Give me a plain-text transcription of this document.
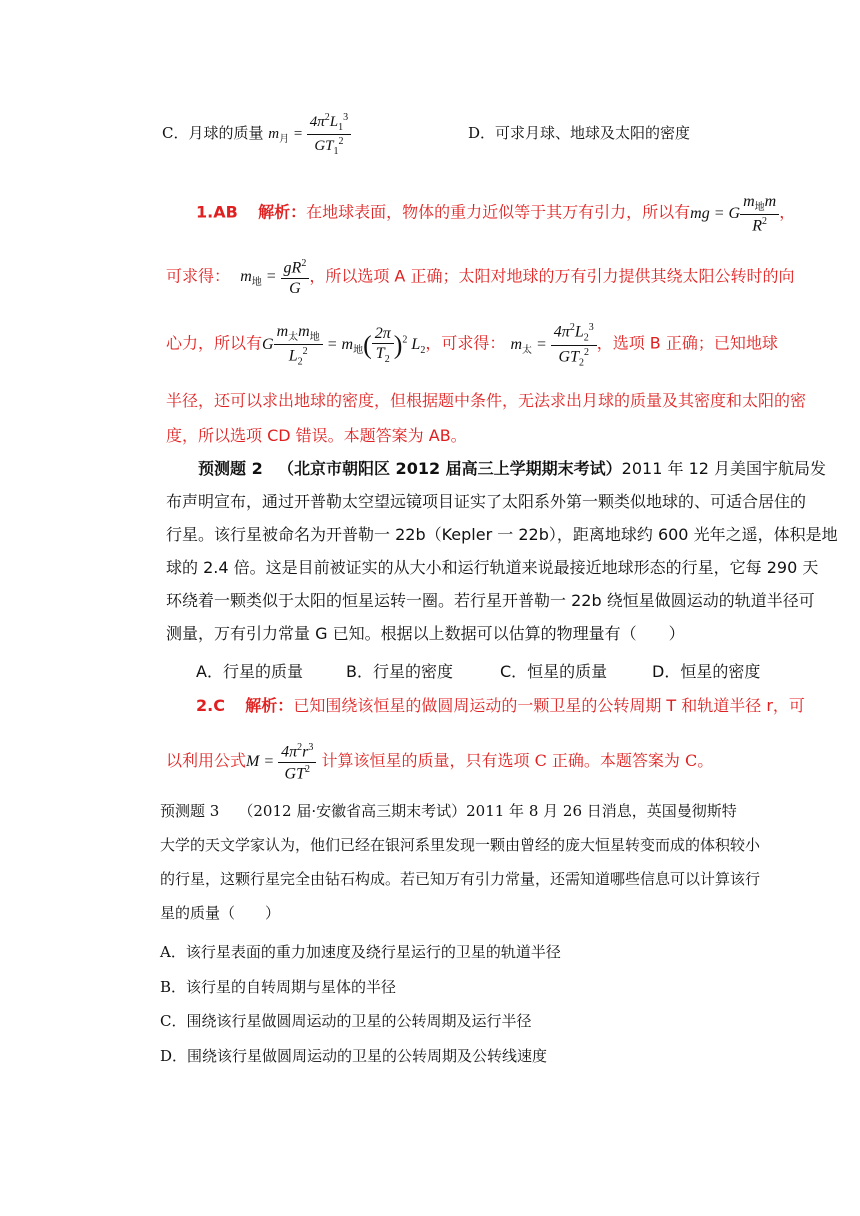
C．月球的质量 $m_月 = \frac{4\pi^2L_1^3}{GT_1^2}$	D．可求月球、地球及太阳的密度
1.AB 解析：在地球表面，物体的重力近似等于其万有引力，所以有mg = G $\frac{m_地m}{R^2}$ ，
可求得： $m_地 = \frac{gR^2}{G}$ ，所以选项 A 正确；太阳对地球的万有引力提供其绕太阳公转时的向
心力，所以有G $\frac{m_太m_地}{L_2^2} = m_地( \frac{2\pi}{T_2} )^2$ $L_2$，可求得： $m_太 = \frac{4\pi^2L_2^3}{GT_2^2}$ ，选项 B 正确；已知地球
半径，还可以求出地球的密度，但根据题中条件，无法求出月球的质量及其密度和太阳的密
度，所以选项 CD 错误。本题答案为 AB。
预测题 2 （北京市朝阳区 2012 届高三上学期期末考试）2011 年 12 月美国宇航局发
布声明宣布，通过开普勒太空望远镜项目证实了太阳系外第一颗类似地球的、可适合居住的
行星。该行星被命名为开普勒一 22b（Kepler 一 22b），距离地球约 600 光年之遥，体积是地
球的 2.4 倍。这是目前被证实的从大小和运行轨道来说最接近地球形态的行星，它每 290 天
环绕着一颗类似于太阳的恒星运转一圈。若行星开普勒一 22b 绕恒星做圆运动的轨道半径可
测量，万有引力常量 G 已知。根据以上数据可以估算的物理量有（　　）
A．行星的质量	B．行星的密度	C．恒星的质量	D．恒星的密度
2.C 解析：已知围绕该恒星的做圆周运动的一颗卫星的公转周期 T 和轨道半径 r，可
以利用公式$M = \frac{4\pi^2r^3}{GT^2}$ 计算该恒星的质量，只有选项 C 正确。本题答案为 C。
预测题 3 （2012 届·安徽省高三期末考试）2011 年 8 月 26 日消息，英国曼彻斯特
大学的天文学家认为，他们已经在银河系里发现一颗由曾经的庞大恒星转变而成的体积较小
的行星，这颗行星完全由钻石构成。若已知万有引力常量，还需知道哪些信息可以计算该行
星的质量（　　）
A．该行星表面的重力加速度及绕行星运行的卫星的轨道半径
B．该行星的自转周期与星体的半径
C．围绕该行星做圆周运动的卫星的公转周期及运行半径
D．围绕该行星做圆周运动的卫星的公转周期及公转线速度
